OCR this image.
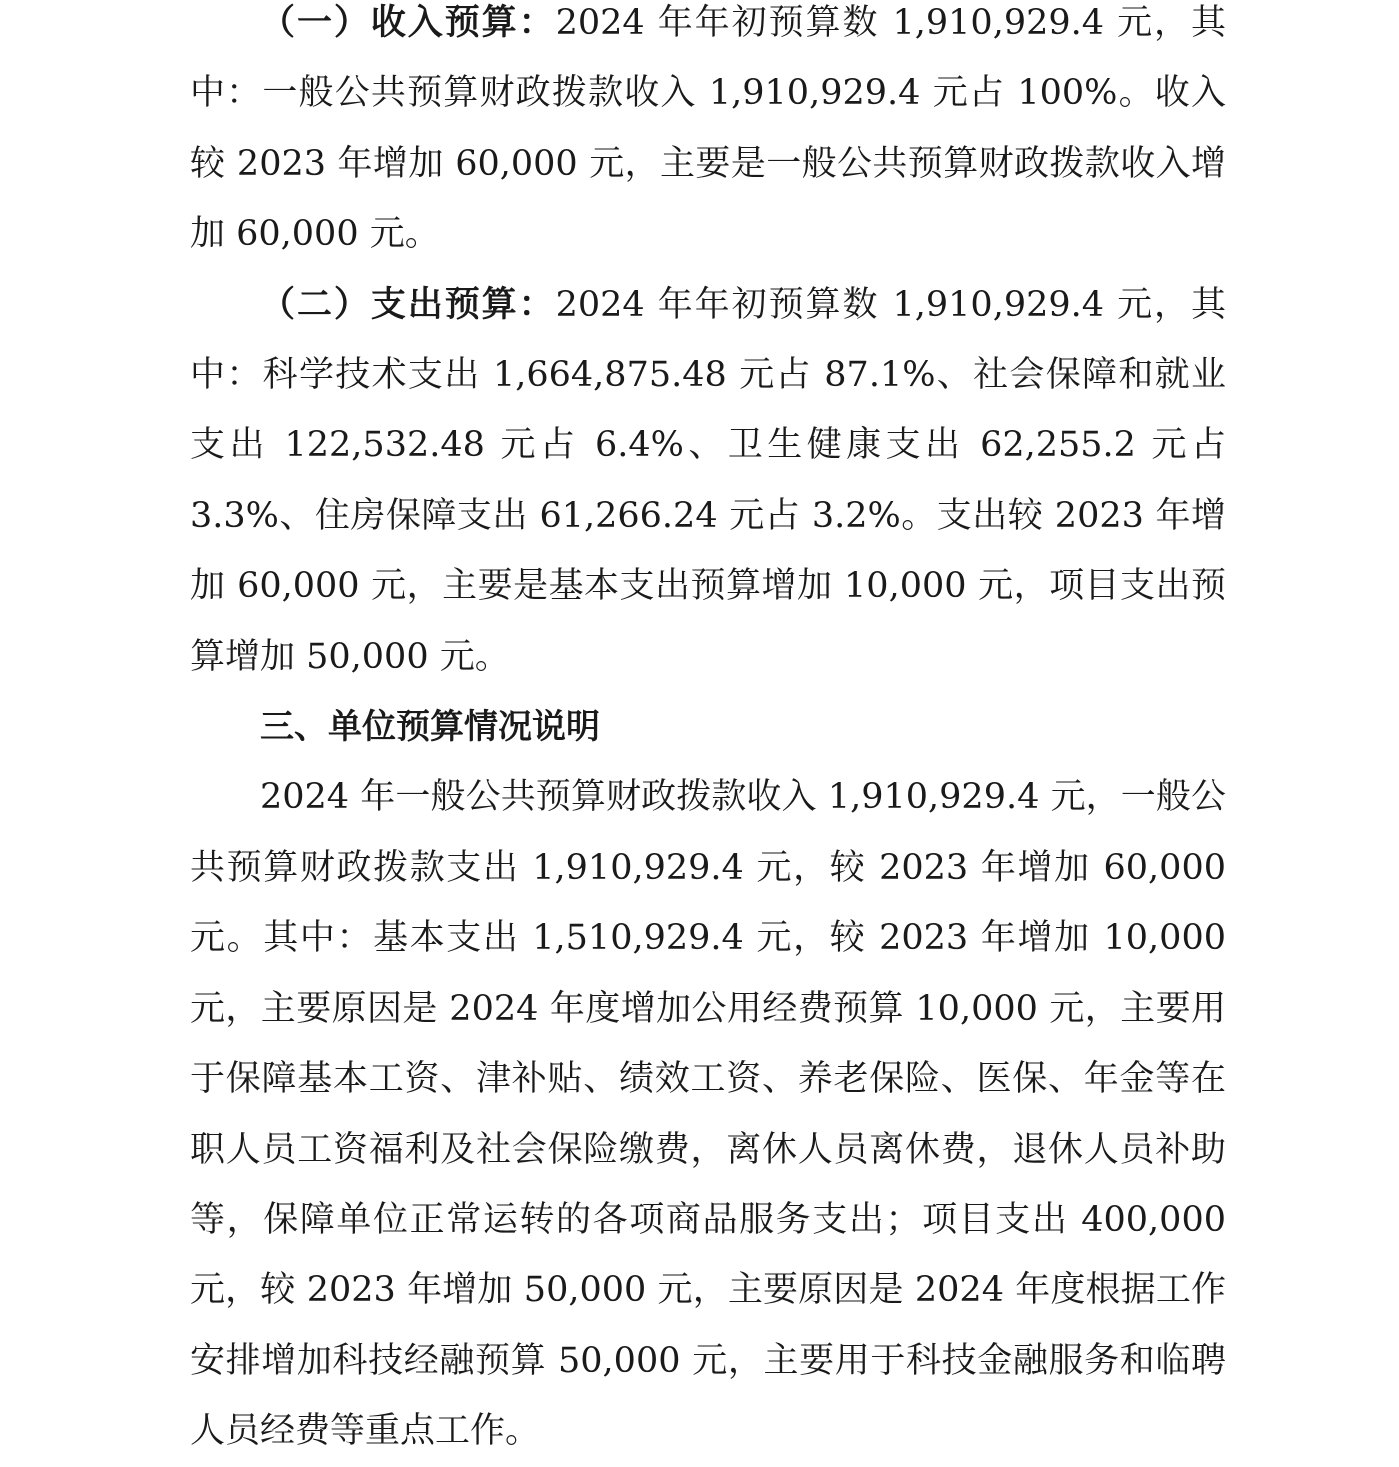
（一）收入预算：2024 年年初预算数 1,910,929.4 元，其中：一般公共预算财政拨款收入 1,910,929.4 元占 100%。收入较 2023 年增加 60,000 元，主要是一般公共预算财政拨款收入增加 60,000 元。

（二）支出预算：2024 年年初预算数 1,910,929.4 元，其中：科学技术支出 1,664,875.48 元占 87.1%、社会保障和就业支出 122,532.48 元占 6.4%、卫生健康支出 62,255.2 元占 3.3%、住房保障支出 61,266.24 元占 3.2%。支出较 2023 年增加 60,000 元，主要是基本支出预算增加 10,000 元，项目支出预算增加 50,000 元。

三、单位预算情况说明

2024 年一般公共预算财政拨款收入 1,910,929.4 元，一般公共预算财政拨款支出 1,910,929.4 元，较 2023 年增加 60,000 元。其中：基本支出 1,510,929.4 元，较 2023 年增加 10,000 元，主要原因是 2024 年度增加公用经费预算 10,000 元，主要用于保障基本工资、津补贴、绩效工资、养老保险、医保、年金等在职人员工资福利及社会保险缴费，离休人员离休费，退休人员补助等，保障单位正常运转的各项商品服务支出；项目支出 400,000 元，较 2023 年增加 50,000 元，主要原因是 2024 年度根据工作安排增加科技经融预算 50,000 元，主要用于科技金融服务和临聘人员经费等重点工作。
